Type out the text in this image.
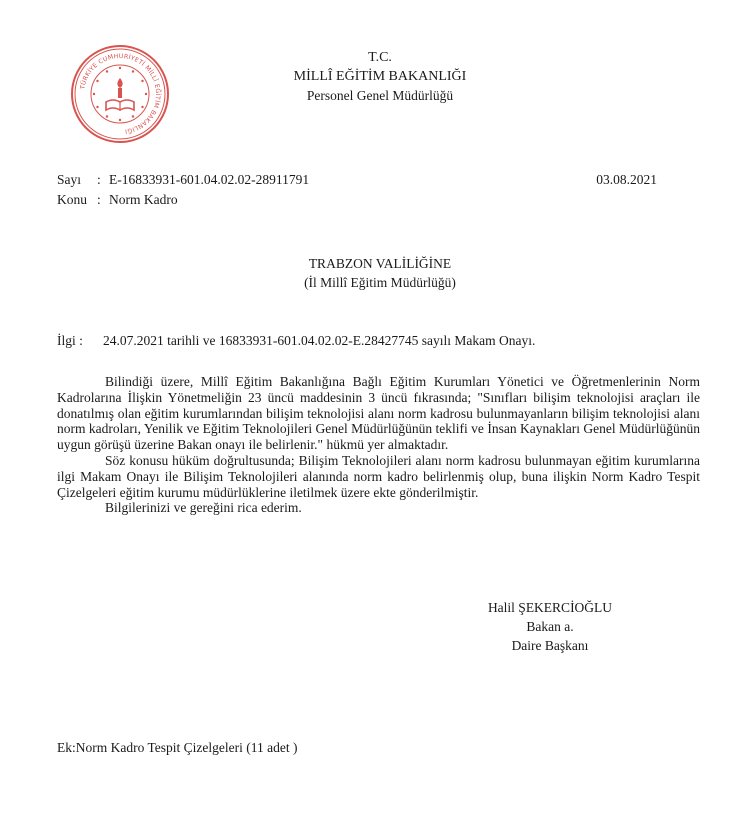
TÜRKİYE CUMHURİYETİ MİLLÎ EĞİTİM BAKANLIĞI
T.C.
MİLLÎ EĞİTİM BAKANLIĞI
Personel Genel Müdürlüğü
Sayı	: E-16833931-601.04.02.02-28911791
Konu : Norm Kadro
03.08.2021
TRABZON VALİLİĞİNE
(İl Millî Eğitim Müdürlüğü)
İlgi : 24.07.2021 tarihli ve 16833931-601.04.02.02-E.28427745 sayılı Makam Onayı.

Bilindiği üzere, Millî Eğitim Bakanlığına Bağlı Eğitim Kurumları Yönetici ve Öğretmenlerinin Norm Kadrolarına İlişkin Yönetmeliğin 23 üncü maddesinin 3 üncü fıkrasında; "Sınıfları bilişim teknolojisi araçları ile donatılmış olan eğitim kurumlarından bilişim teknolojisi alanı norm kadrosu bulunmayanların bilişim teknolojisi alanı norm kadroları, Yenilik ve Eğitim Teknolojileri Genel Müdürlüğünün teklifi ve İnsan Kaynakları Genel Müdürlüğünün uygun görüşü üzerine Bakan onayı ile belirlenir." hükmü yer almaktadır.

Söz konusu hüküm doğrultusunda; Bilişim Teknolojileri alanı norm kadrosu bulunmayan eğitim kurumlarına ilgi Makam Onayı ile Bilişim Teknolojileri alanında norm kadro belirlenmiş olup, buna ilişkin Norm Kadro Tespit Çizelgeleri eğitim kurumu müdürlüklerine iletilmek üzere ekte gönderilmiştir.

Bilgilerinizi ve gereğini rica ederim.

Halil ŞEKERCİOĞLU
Bakan a.
Daire Başkanı
Ek:Norm Kadro Tespit Çizelgeleri (11 adet )
